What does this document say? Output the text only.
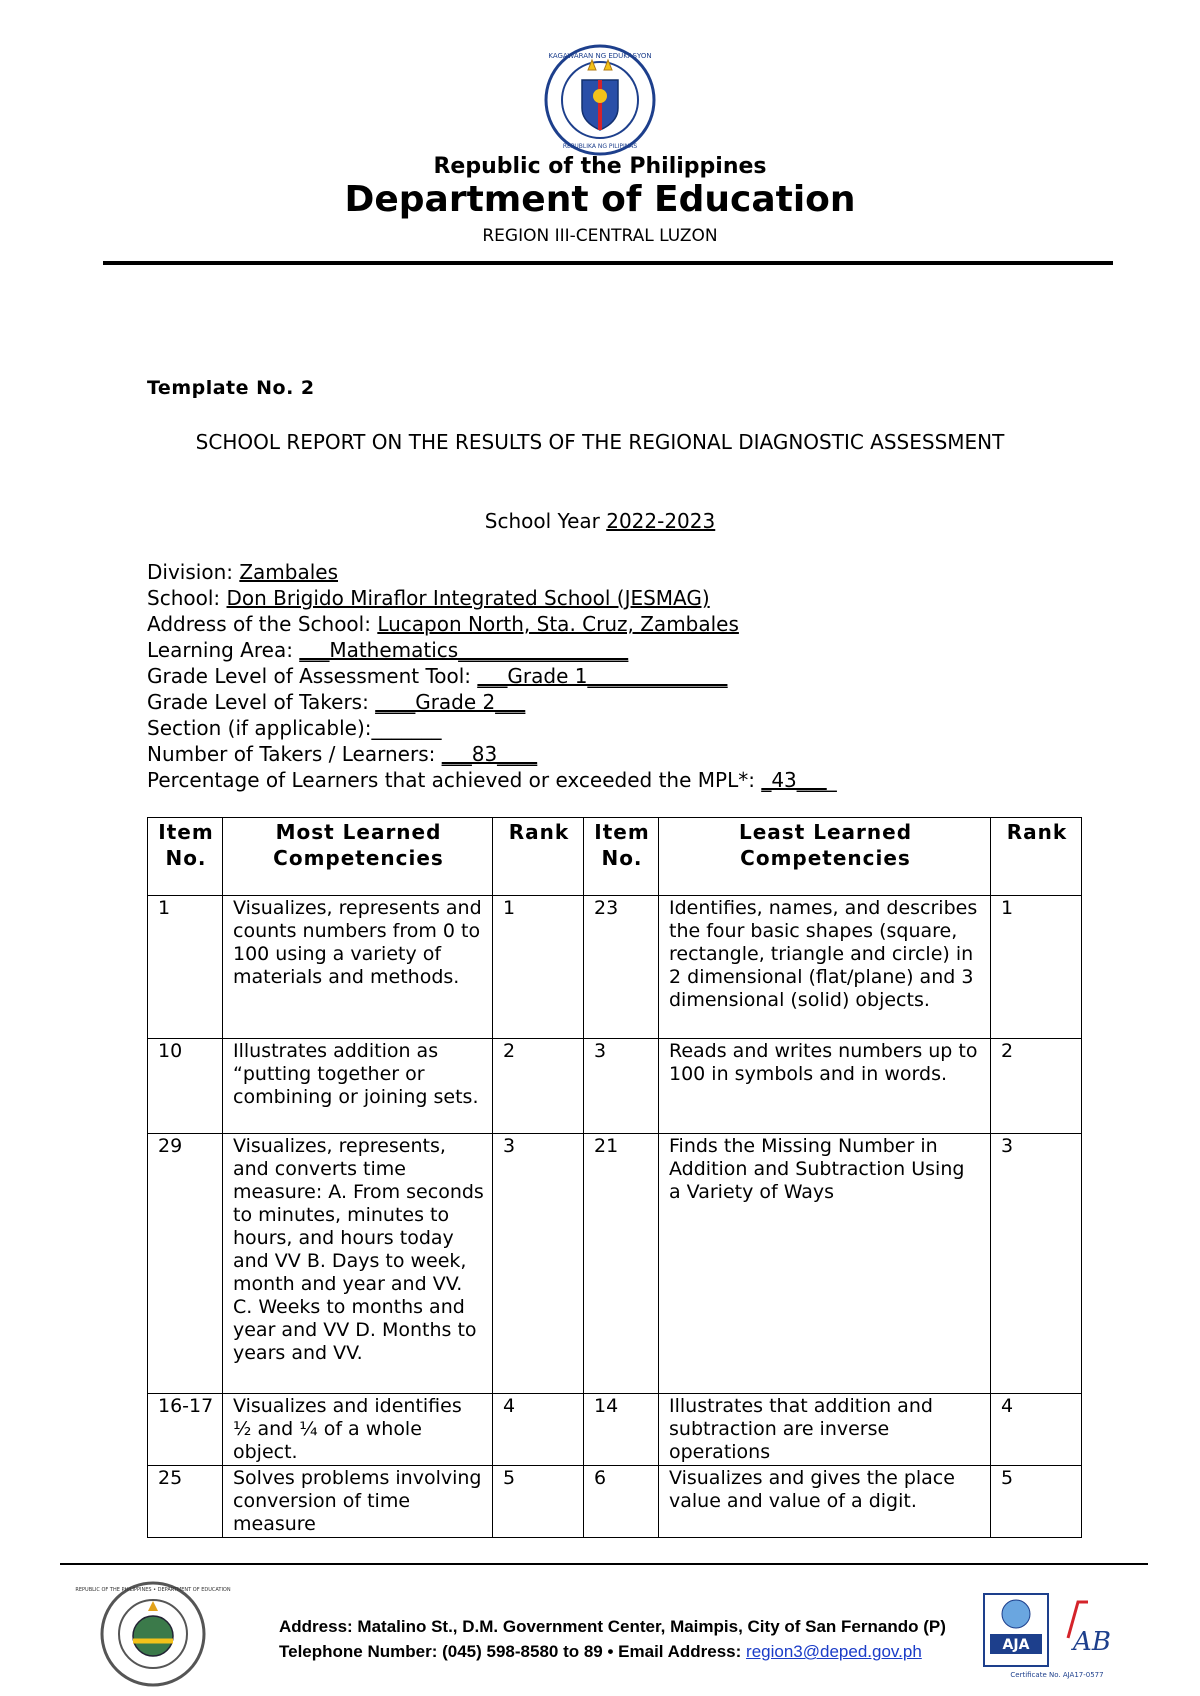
KAGAWARAN NG EDUKASYON
REPUBLIKA NG PILIPINAS
Republic of the Philippines
Department of Education
REGION III-CENTRAL LUZON
Template No. 2
SCHOOL REPORT ON THE RESULTS OF THE REGIONAL DIAGNOSTIC ASSESSMENT
School Year 2022-2023
Division: Zambales
School: Don Brigido Miraflor Integrated School (JESMAG)
Address of the School: Lucapon North, Sta. Cruz, Zambales
Learning Area: ___Mathematics_________________
Grade Level of Assessment Tool: ___Grade 1______________
Grade Level of Takers: ____Grade 2___
Section (if applicable):_______
Number of Takers / Learners: ___83____
Percentage of Learners that achieved or exceeded the MPL*: _43____
Item No.	Most Learned Competencies	Rank	Item No.	Least Learned Competencies	Rank
1	Visualizes, represents and counts numbers from 0 to 100 using a variety of materials and methods.	1	23	Identifies, names, and describes the four basic shapes (square, rectangle, triangle and circle) in 2 dimensional (flat/plane) and 3 dimensional (solid) objects.	1
10	Illustrates addition as “putting together or combining or joining sets.	2	3	Reads and writes numbers up to 100 in symbols and in words.	2
29	Visualizes, represents, and converts time measure: A. From seconds to minutes, minutes to hours, and hours today and VV B. Days to week, month and year and VV. C. Weeks to months and year and VV D. Months to years and VV.	3	21	Finds the Missing Number in Addition and Subtraction Using a Variety of Ways	3
16-17	Visualizes and identifies ½ and ¼ of a whole object.	4	14	Illustrates that addition and subtraction are inverse operations	4
25	Solves problems involving conversion of time measure	5	6	Visualizes and gives the place value and value of a digit.	5
REPUBLIC OF THE PHILIPPINES • DEPARTMENT OF EDUCATION
Address: Matalino St., D.M. Government Center, Maimpis, City of San Fernando (P)
Telephone Number: (045) 598-8580 to 89 • Email Address: region3@deped.gov.ph	AJA AB
Certificate No. AJA17-0577
